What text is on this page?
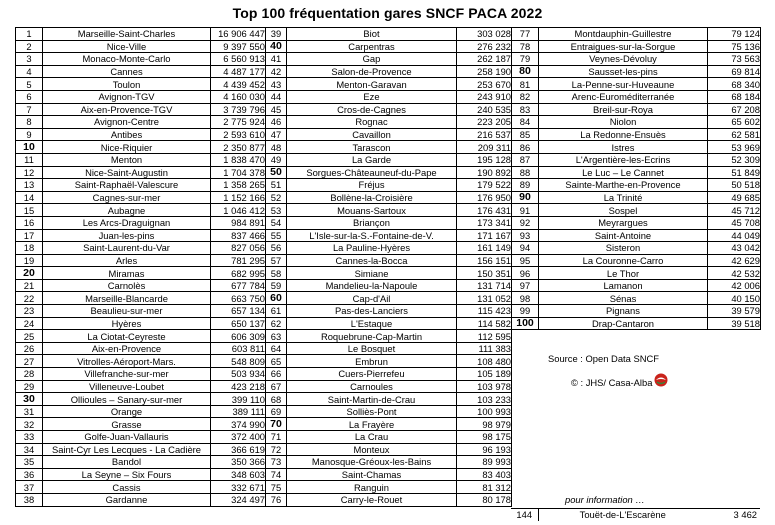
Top 100 fréquentation gares SNCF PACA 2022
1	Marseille-Saint-Charles	16 906 447
2	Nice-Ville	9 397 550
3	Monaco-Monte-Carlo	6 560 913
4	Cannes	4 487 177
5	Toulon	4 439 452
6	Avignon-TGV	4 160 030
7	Aix-en-Provence-TGV	3 739 796
8	Avignon-Centre	2 775 924
9	Antibes	2 593 610
10	Nice-Riquier	2 350 877
11	Menton	1 838 470
12	Nice-Saint-Augustin	1 704 378
13	Saint-Raphaël-Valescure	1 358 265
14	Cagnes-sur-mer	1 152 166
15	Aubagne	1 046 412
16	Les Arcs-Draguignan	984 891
17	Juan-les-pins	837 466
18	Saint-Laurent-du-Var	827 056
19	Arles	781 295
20	Miramas	682 995
21	Carnolès	677 784
22	Marseille-Blancarde	663 750
23	Beaulieu-sur-mer	657 134
24	Hyères	650 137
25	La Ciotat-Ceyreste	606 309
26	Aix-en-Provence	603 811
27	Vitrolles-Aéroport-Mars.	548 809
28	Villefranche-sur-mer	503 934
29	Villeneuve-Loubet	423 218
30	Ollioules – Sanary-sur-mer	399 110
31	Orange	389 111
32	Grasse	374 990
33	Golfe-Juan-Vallauris	372 400
34	Saint-Cyr Les Lecques - La Cadière	366 619
35	Bandol	350 366
36	La Seyne – Six Fours	348 603
37	Cassis	332 671
38	Gardanne	324 497
39	Biot	303 028
40	Carpentras	276 232
41	Gap	262 187
42	Salon-de-Provence	258 190
43	Menton-Garavan	253 670
44	Eze	243 910
45	Cros-de-Cagnes	240 535
46	Rognac	223 205
47	Cavaillon	216 537
48	Tarascon	209 311
49	La Garde	195 128
50	Sorgues-Châteauneuf-du-Pape	190 892
51	Fréjus	179 522
52	Bollène-la-Croisière	176 950
53	Mouans-Sartoux	176 431
54	Briançon	173 341
55	L'Isle-sur-la-S.-Fontaine-de-V.	171 167
56	La Pauline-Hyères	161 149
57	Cannes-la-Bocca	156 151
58	Simiane	150 351
59	Mandelieu-la-Napoule	131 714
60	Cap-d'Ail	131 052
61	Pas-des-Lanciers	115 423
62	L'Estaque	114 582
63	Roquebrune-Cap-Martin	112 595
64	Le Bosquet	111 383
65	Embrun	108 480
66	Cuers-Pierrefeu	105 189
67	Carnoules	103 978
68	Saint-Martin-de-Crau	103 233
69	Solliès-Pont	100 993
70	La Frayère	98 979
71	La Crau	98 175
72	Monteux	96 193
73	Manosque-Gréoux-les-Bains	89 993
74	Saint-Chamas	83 403
75	Ranguin	81 312
76	Carry-le-Rouet	80 178
77	Montdauphin-Guillestre	79 124
78	Entraigues-sur-la-Sorgue	75 136
79	Veynes-Dévoluy	73 563
80	Sausset-les-pins	69 814
81	La-Penne-sur-Huveaune	68 340
82	Arenc-Euroméditerranée	68 184
83	Breil-sur-Roya	67 208
84	Niolon	65 602
85	La Redonne-Ensuès	62 581
86	Istres	53 969
87	L'Argentière-les-Ecrins	52 309
88	Le Luc – Le Cannet	51 849
89	Sainte-Marthe-en-Provence	50 518
90	La Trinité	49 685
91	Sospel	45 712
92	Meyrargues	45 708
93	Saint-Antoine	44 049
94	Sisteron	43 042
95	La Couronne-Carro	42 629
96	Le Thor	42 532
97	Lamanon	42 006
98	Sénas	40 150
99	Pignans	39 579
100	Drap-Cantaron	39 518
Source : Open Data SNCF
© : JHS/ Casa-Alba
pour information …
144	Touët-de-L'Escarène	3 462
